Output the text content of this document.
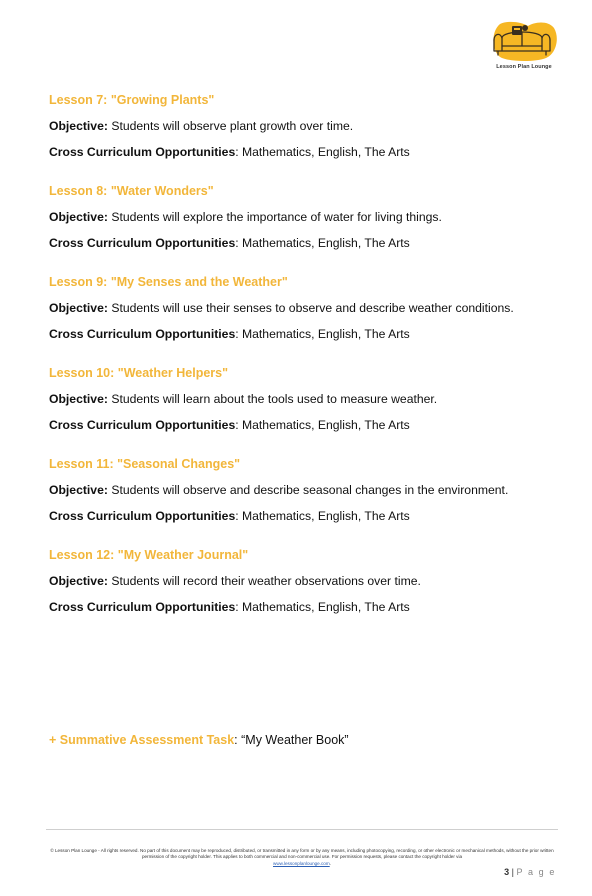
Lesson Plan Lounge
Lesson 7: "Growing Plants"
Objective: Students will observe plant growth over time.
Cross Curriculum Opportunities: Mathematics, English, The Arts
Lesson 8: "Water Wonders"
Objective: Students will explore the importance of water for living things.
Cross Curriculum Opportunities: Mathematics, English, The Arts
Lesson 9: "My Senses and the Weather"
Objective: Students will use their senses to observe and describe weather conditions.
Cross Curriculum Opportunities: Mathematics, English, The Arts
Lesson 10: "Weather Helpers"
Objective: Students will learn about the tools used to measure weather.
Cross Curriculum Opportunities: Mathematics, English, The Arts
Lesson 11: "Seasonal Changes"
Objective: Students will observe and describe seasonal changes in the environment.
Cross Curriculum Opportunities: Mathematics, English, The Arts
Lesson 12: "My Weather Journal"
Objective: Students will record their weather observations over time.
Cross Curriculum Opportunities: Mathematics, English, The Arts
+ Summative Assessment Task: “My Weather Book”
© Lesson Plan Lounge - All rights reserved. No part of this document may be reproduced, distributed, or transmitted in any form or by any means, including photocopying, recording, or other electronic or mechanical methods, without the prior written permission of the copyright holder. This applies to both commercial and non-commercial use. For permission requests, please contact the copyright holder via
www.lessonplanlounge.com.
3 | P a g e
